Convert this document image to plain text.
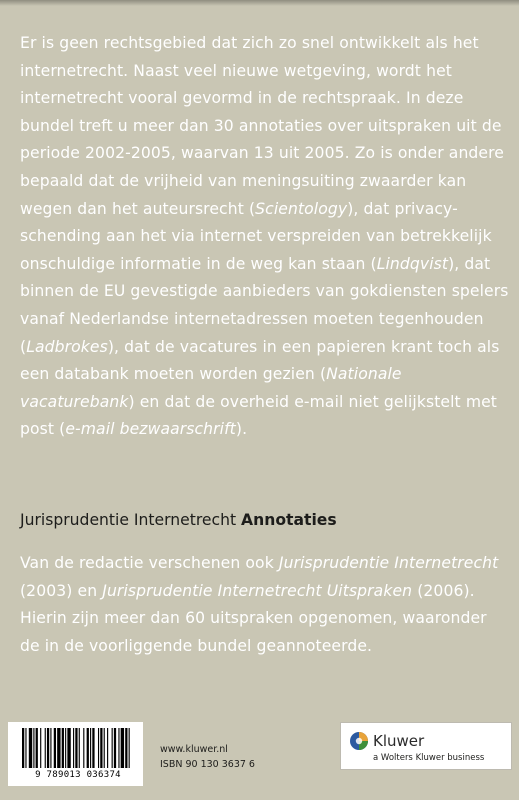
Er is geen rechtsgebied dat zich zo snel ontwikkelt als het internetrecht. Naast veel nieuwe wetgeving, wordt het internetrecht vooral gevormd in de rechtspraak. In deze bundel treft u meer dan 30 annotaties over uitspraken uit de periode 2002-2005, waarvan 13 uit 2005. Zo is onder andere bepaald dat de vrijheid van meningsuiting zwaarder kan wegen dan het auteursrecht (Scientology), dat privacy-schending aan het via internet verspreiden van betrekkelijk onschuldige informatie in de weg kan staan (Lindqvist), dat binnen de EU gevestigde aanbieders van gokdiensten spelers vanaf Nederlandse internetadressen moeten tegenhouden (Ladbrokes), dat de vacatures in een papieren krant toch als een databank moeten worden gezien (Nationale vacaturebank) en dat de overheid e-mail niet gelijkstelt met post (e-mail bezwaarschrift).

Jurisprudentie Internetrecht Annotaties

Van de redactie verschenen ook Jurisprudentie Internetrecht (2003) en Jurisprudentie Internetrecht Uitspraken (2006). Hierin zijn meer dan 60 uitspraken opgenomen, waaronder de in de voorliggende bundel geannoteerde.

9 789013 036374
www.kluwer.nl
ISBN 90 130 3637 6
Kluwer
a Wolters Kluwer business
